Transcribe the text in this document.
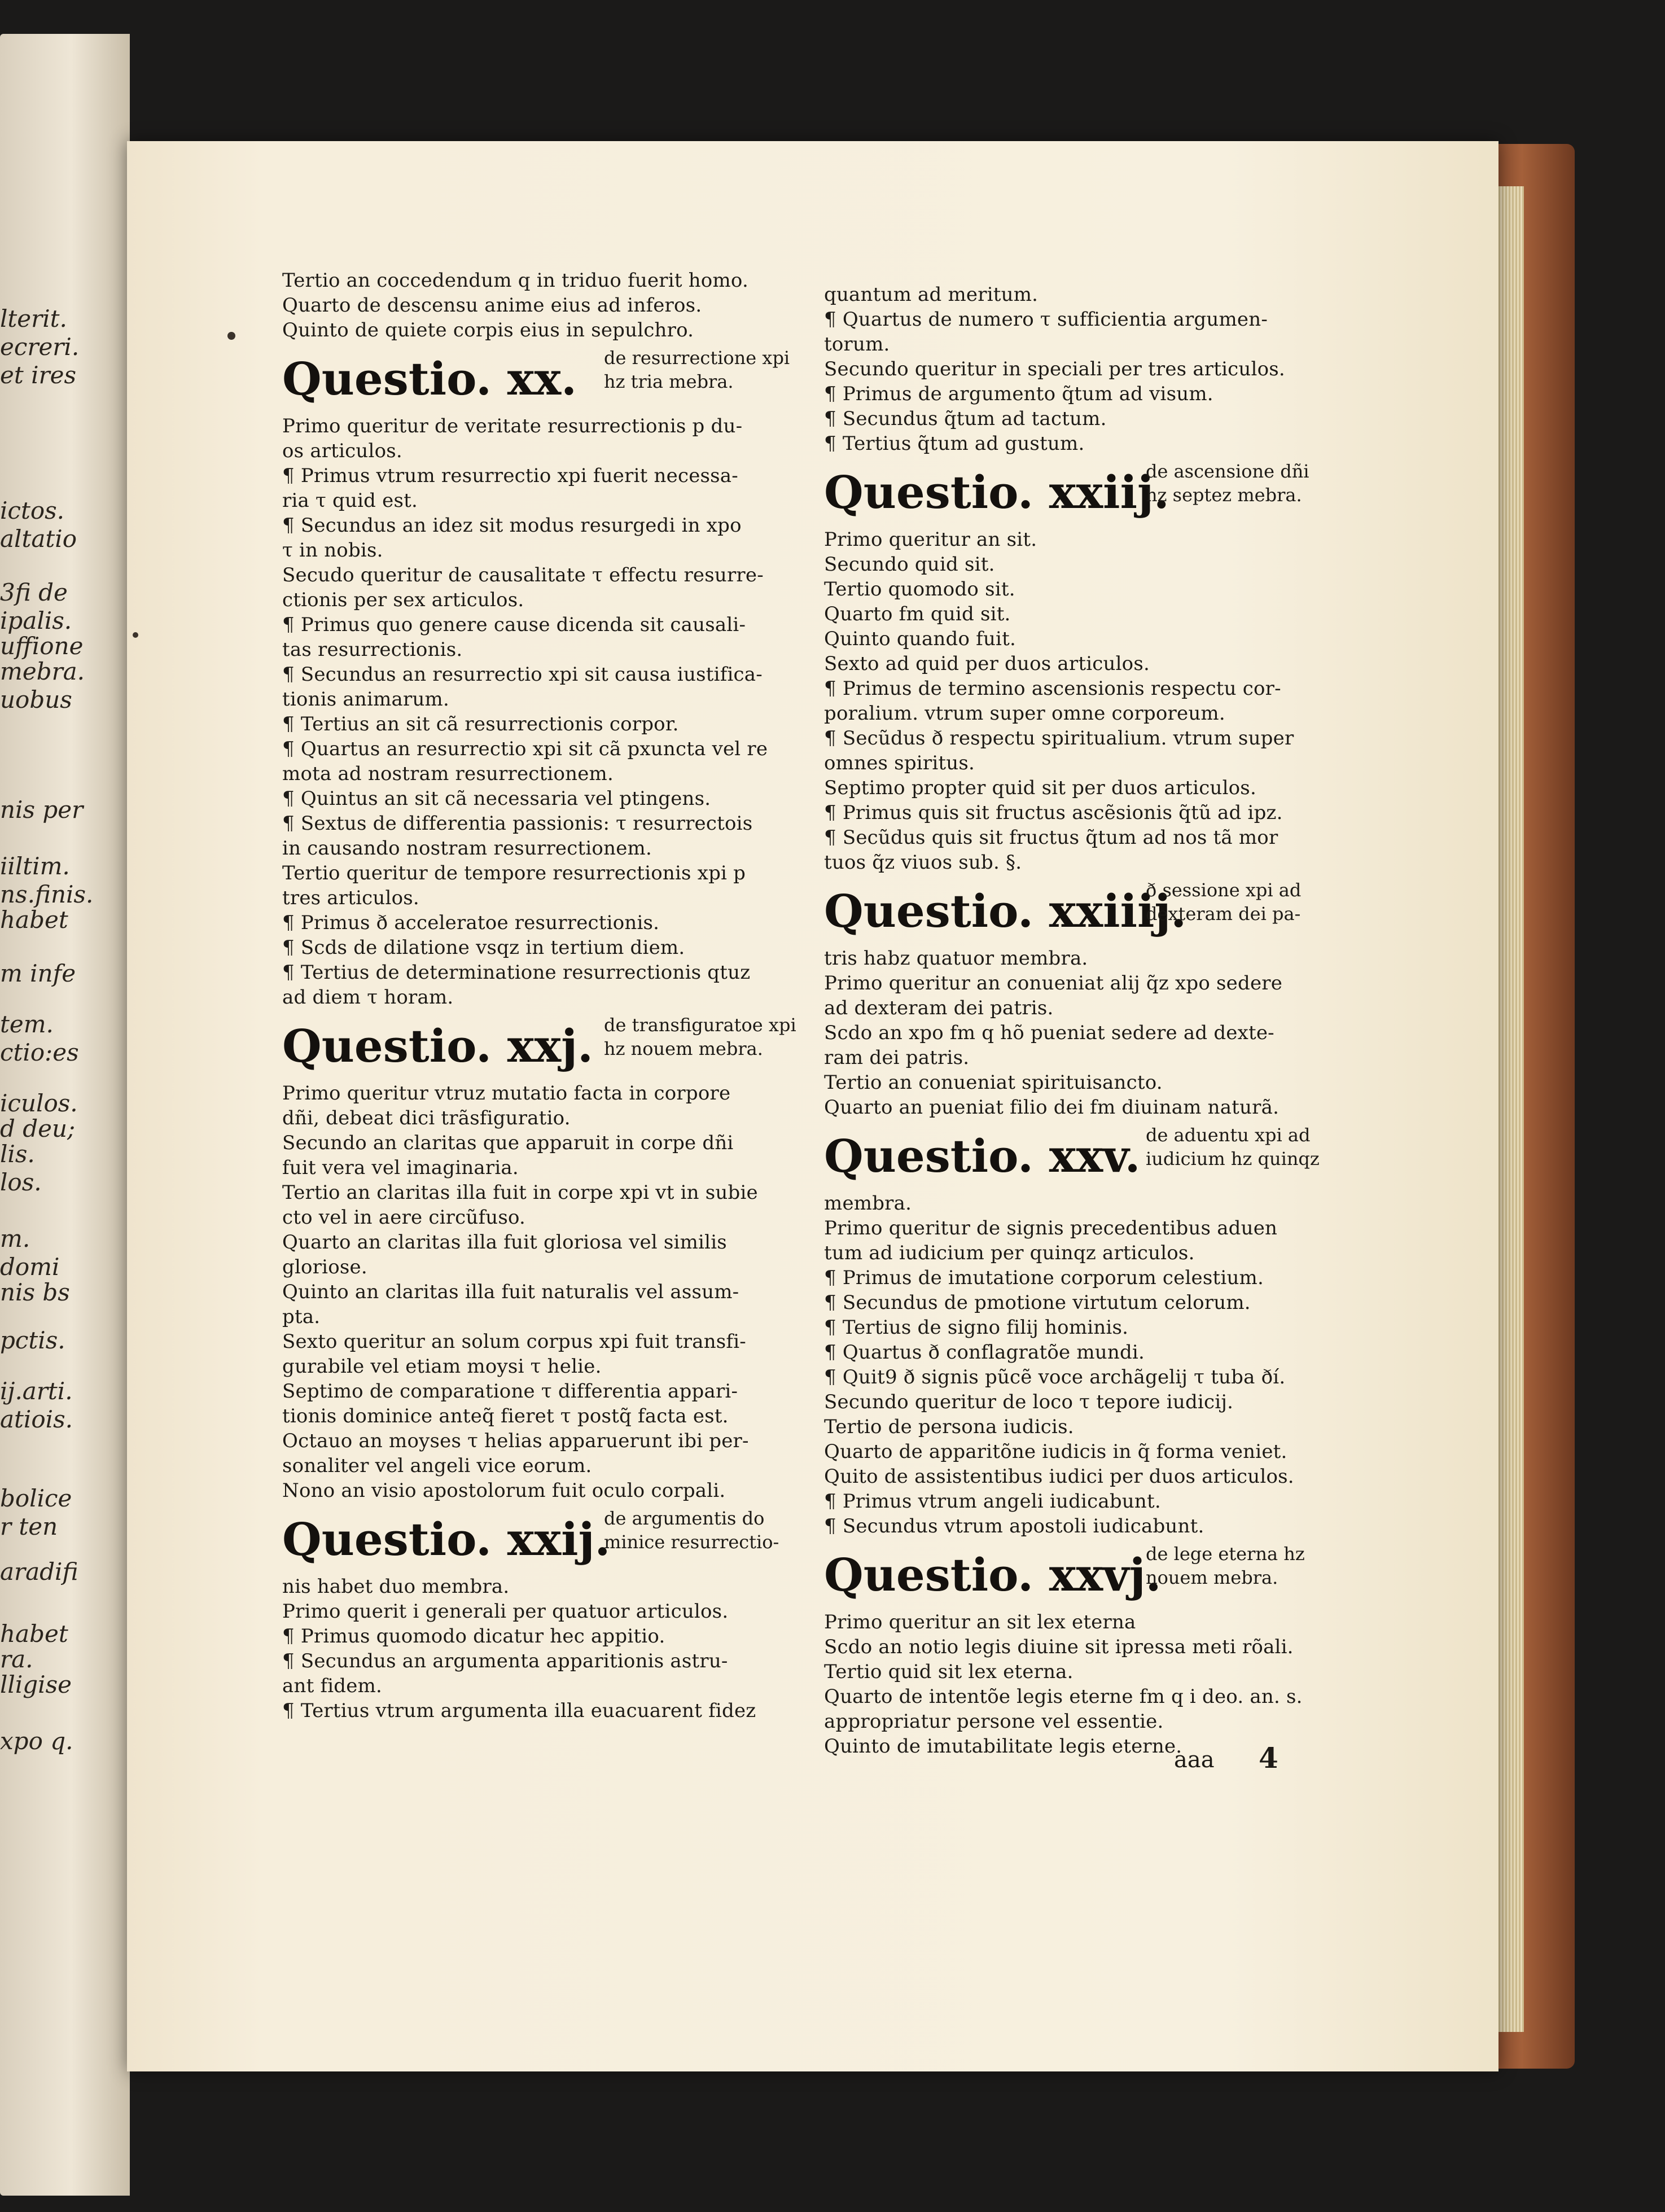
lterit.
ecreri.
et ires
ictos.
altatio
3fi de
ipalis.
uffione
mebra.
uobus
nis per
iiltim.
ns.finis.
habet
m infe
tem.
ctio:es
iculos.
d deu;
lis.
los.
m.
domi
nis bs
pctis.
ij.arti.
atiois.
bolice
r ten
aradifi
habet
ra.
lligise
xpo q.
Tertio an coccedendum q in triduo fuerit homo.
Quarto de descensu anime eius ad inferos.
Quinto de quiete corpis eius in sepulchro.
Questio. xx. de resurrectione xpi
hz tria mebra.
Primo queritur de veritate resurrectionis p du-
os articulos.
¶ Primus vtrum resurrectio xpi fuerit necessa-
ria τ quid est.
¶ Secundus an idez sit modus resurgedi in xpo
τ in nobis.
Secudo queritur de causalitate τ effectu resurre-
ctionis per sex articulos.
¶ Primus quo genere cause dicenda sit causali-
tas resurrectionis.
¶ Secundus an resurrectio xpi sit causa iustifica-
tionis animarum.
¶ Tertius an sit cã resurrectionis corpor.
¶ Quartus an resurrectio xpi sit cã pxuncta vel re
mota ad nostram resurrectionem.
¶ Quintus an sit cã necessaria vel ptingens.
¶ Sextus de differentia passionis: τ resurrectois
in causando nostram resurrectionem.
Tertio queritur de tempore resurrectionis xpi p
tres articulos.
¶ Primus ð acceleratoe resurrectionis.
¶ Scds de dilatione vsqz in tertium diem.
¶ Tertius de determinatione resurrectionis qtuz
ad diem τ horam.
Questio. xxj. de transfiguratoe xpi
hz nouem mebra.
Primo queritur vtruz mutatio facta in corpore
dñi, debeat dici trãsfiguratio.
Secundo an claritas que apparuit in corpe dñi
fuit vera vel imaginaria.
Tertio an claritas illa fuit in corpe xpi vt in subie
cto vel in aere circũfuso.
Quarto an claritas illa fuit gloriosa vel similis
gloriose.
Quinto an claritas illa fuit naturalis vel assum-
pta.
Sexto queritur an solum corpus xpi fuit transfi-
gurabile vel etiam moysi τ helie.
Septimo de comparatione τ differentia appari-
tionis dominice anteq̃ fieret τ postq̃ facta est.
Octauo an moyses τ helias apparuerunt ibi per-
sonaliter vel angeli vice eorum.
Nono an visio apostolorum fuit oculo corpali.
Questio. xxij.
de argumentis do
minice resurrectio-
nis habet duo membra.
Primo querit i generali per quatuor articulos.
¶ Primus quomodo dicatur hec appitio.
¶ Secundus an argumenta apparitionis astru-
ant fidem.
¶ Tertius vtrum argumenta illa euacuarent fidez
quantum ad meritum.
¶ Quartus de numero τ sufficientia argumen-
torum.
Secundo queritur in speciali per tres articulos.
¶ Primus de argumento q̃tum ad visum.
¶ Secundus q̃tum ad tactum.
¶ Tertius q̃tum ad gustum.
Questio. xxiij.
de ascensione dñi
hz septez mebra.
Primo queritur an sit.
Secundo quid sit.
Tertio quomodo sit.
Quarto fm quid sit.
Quinto quando fuit.
Sexto ad quid per duos articulos.
¶ Primus de termino ascensionis respectu cor-
poralium. vtrum super omne corporeum.
¶ Secũdus ð respectu spiritualium. vtrum super
omnes spiritus.
Septimo propter quid sit per duos articulos.
¶ Primus quis sit fructus ascẽsionis q̃tũ ad ipz.
¶ Secũdus quis sit fructus q̃tum ad nos tã mor
tuos q̃z viuos sub. §.
Questio. xxiiij.
ð sessione xpi ad
dexteram dei pa-
tris habz quatuor membra.
Primo queritur an conueniat alij q̃z xpo sedere
ad dexteram dei patris.
Scdo an xpo fm q hõ pueniat sedere ad dexte-
ram dei patris.
Tertio an conueniat spirituisancto.
Quarto an pueniat filio dei fm diuinam naturã.
Questio. xxv. de aduentu xpi ad
iudicium hz quinqz
membra.
Primo queritur de signis precedentibus aduen
tum ad iudicium per quinqz articulos.
¶ Primus de imutatione corporum celestium.
¶ Secundus de pmotione virtutum celorum.
¶ Tertius de signo filij hominis.
¶ Quartus ð conflagratõe mundi.
¶ Quit9 ð signis pũcẽ voce archãgelij τ tuba ðí.
Secundo queritur de loco τ tepore iudicij.
Tertio de persona iudicis.
Quarto de apparitõne iudicis in q̃ forma veniet.
Quito de assistentibus iudici per duos articulos.
¶ Primus vtrum angeli iudicabunt.
¶ Secundus vtrum apostoli iudicabunt.
Questio. xxvj.
de lege eterna hz
nouem mebra.
Primo queritur an sit lex eterna
Scdo an notio legis diuine sit ipressa meti rõali.
Tertio quid sit lex eterna.
Quarto de intentõe legis eterne fm q i deo. an. s.
appropriatur persone vel essentie.
Quinto de imutabilitate legis eterne.
aaa 4
